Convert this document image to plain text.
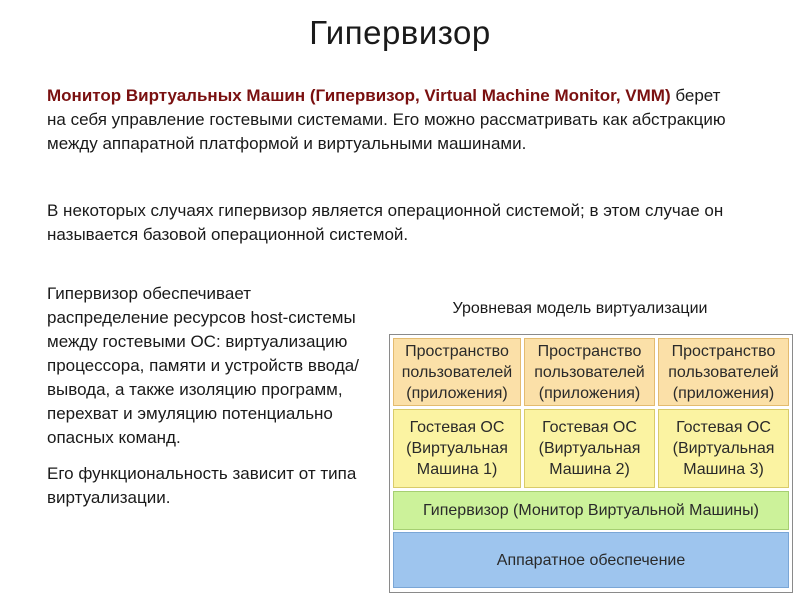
Гипервизор
Монитор Виртуальных Машин (Гипервизор, Virtual Machine Monitor, VMM) берет на себя управление гостевыми системами. Его можно рассматривать как абстракцию между аппаратной платформой и виртуальными машинами.
В некоторых случаях гипервизор является операционной системой; в этом случае он называется базовой операционной системой.

Гипервизор обеспечивает распределение ресурсов host-системы между гостевыми ОС: виртуализацию процессора, памяти и устройств ввода/вывода, а также изоляцию программ, перехват и эмуляцию потенциально опасных команд.

Его функциональность зависит от типа виртуализации.

Уровневая модель виртуализации
Пространство пользователей (приложения)
Пространство пользователей (приложения)
Пространство пользователей (приложения)
Гостевая ОС (Виртуальная Машина 1)
Гостевая ОС (Виртуальная Машина 2)
Гостевая ОС (Виртуальная Машина 3)
Гипервизор (Монитор Виртуальной Машины)
Аппаратное обеспечение
